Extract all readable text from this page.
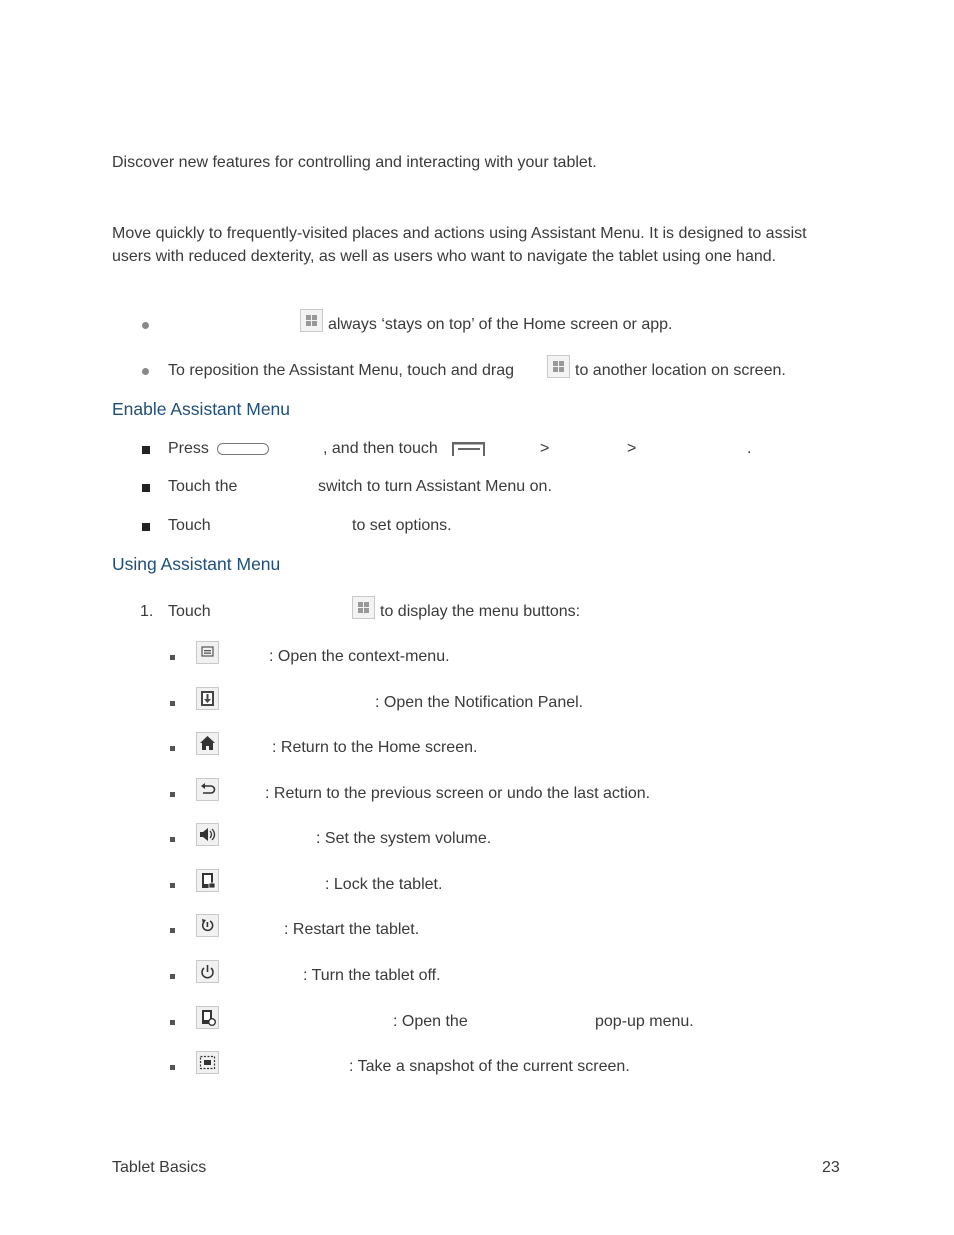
Discover new features for controlling and interacting with your tablet.
Move quickly to frequently-visited places and actions using Assistant Menu. It is designed to assist users with reduced dexterity, as well as users who want to navigate the tablet using one hand.
always ‘stays on top’ of the Home screen or app.
To reposition the Assistant Menu, touch and drag	to another location on screen.
Enable Assistant Menu
Press	, and then touch	>	>	.
Touch the	switch to turn Assistant Menu on.
Touch	to set options.
Using Assistant Menu
1. Touch	to display the menu buttons:
: Open the context-menu.
: Open the Notification Panel.
: Return to the Home screen.
: Return to the previous screen or undo the last action.
: Set the system volume.
: Lock the tablet.
: Restart the tablet.
: Turn the tablet off.
: Open the	pop-up menu.
: Take a snapshot of the current screen.
Tablet Basics	23
